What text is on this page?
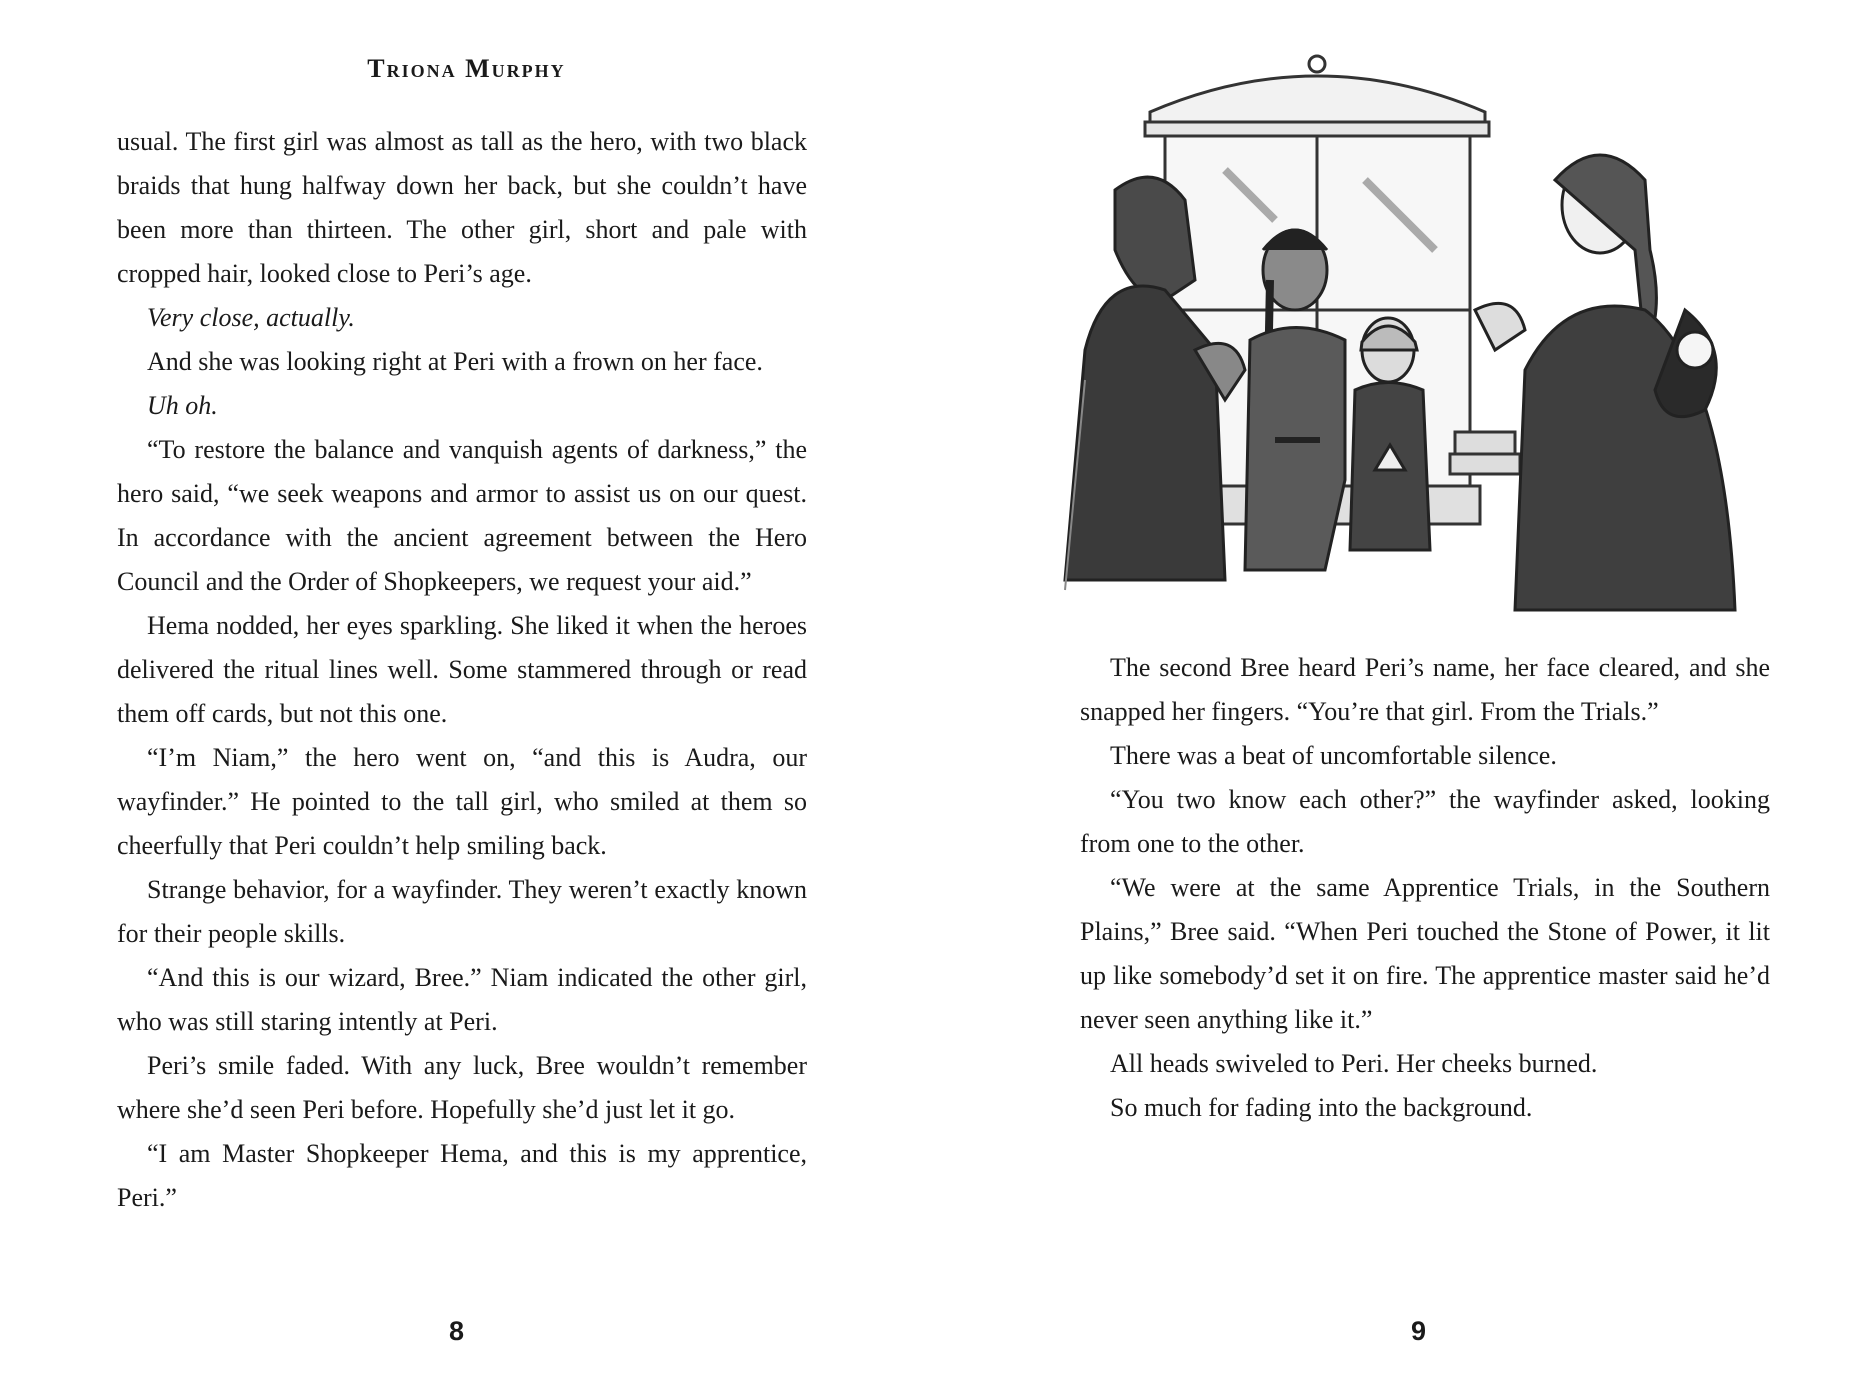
Triona Murphy

usual. The first girl was almost as tall as the hero, with two black braids that hung halfway down her back, but she couldn’t have been more than thirteen. The other girl, short and pale with cropped hair, looked close to Peri’s age.

Very close, actually.

And she was looking right at Peri with a frown on her face.

Uh oh.

“To restore the balance and vanquish agents of darkness,” the hero said, “we seek weapons and armor to assist us on our quest. In accordance with the ancient agreement between the Hero Council and the Order of Shopkeepers, we request your aid.”

Hema nodded, her eyes sparkling. She liked it when the heroes delivered the ritual lines well. Some stammered through or read them off cards, but not this one.

“I’m Niam,” the hero went on, “and this is Audra, our wayfinder.” He pointed to the tall girl, who smiled at them so cheerfully that Peri couldn’t help smiling back.

Strange behavior, for a wayfinder. They weren’t exactly known for their people skills.

“And this is our wizard, Bree.” Niam indicated the other girl, who was still staring intently at Peri.

Peri’s smile faded. With any luck, Bree wouldn’t remember where she’d seen Peri before. Hopefully she’d just let it go.

“I am Master Shopkeeper Hema, and this is my apprentice, Peri.”

8

The second Bree heard Peri’s name, her face cleared, and she snapped her fingers. “You’re that girl. From the Trials.”

There was a beat of uncomfortable silence.

“You two know each other?” the wayfinder asked, looking from one to the other.

“We were at the same Apprentice Trials, in the Southern Plains,” Bree said. “When Peri touched the Stone of Power, it lit up like somebody’d set it on fire. The apprentice master said he’d never seen anything like it.”

All heads swiveled to Peri. Her cheeks burned.

So much for fading into the background.

9
